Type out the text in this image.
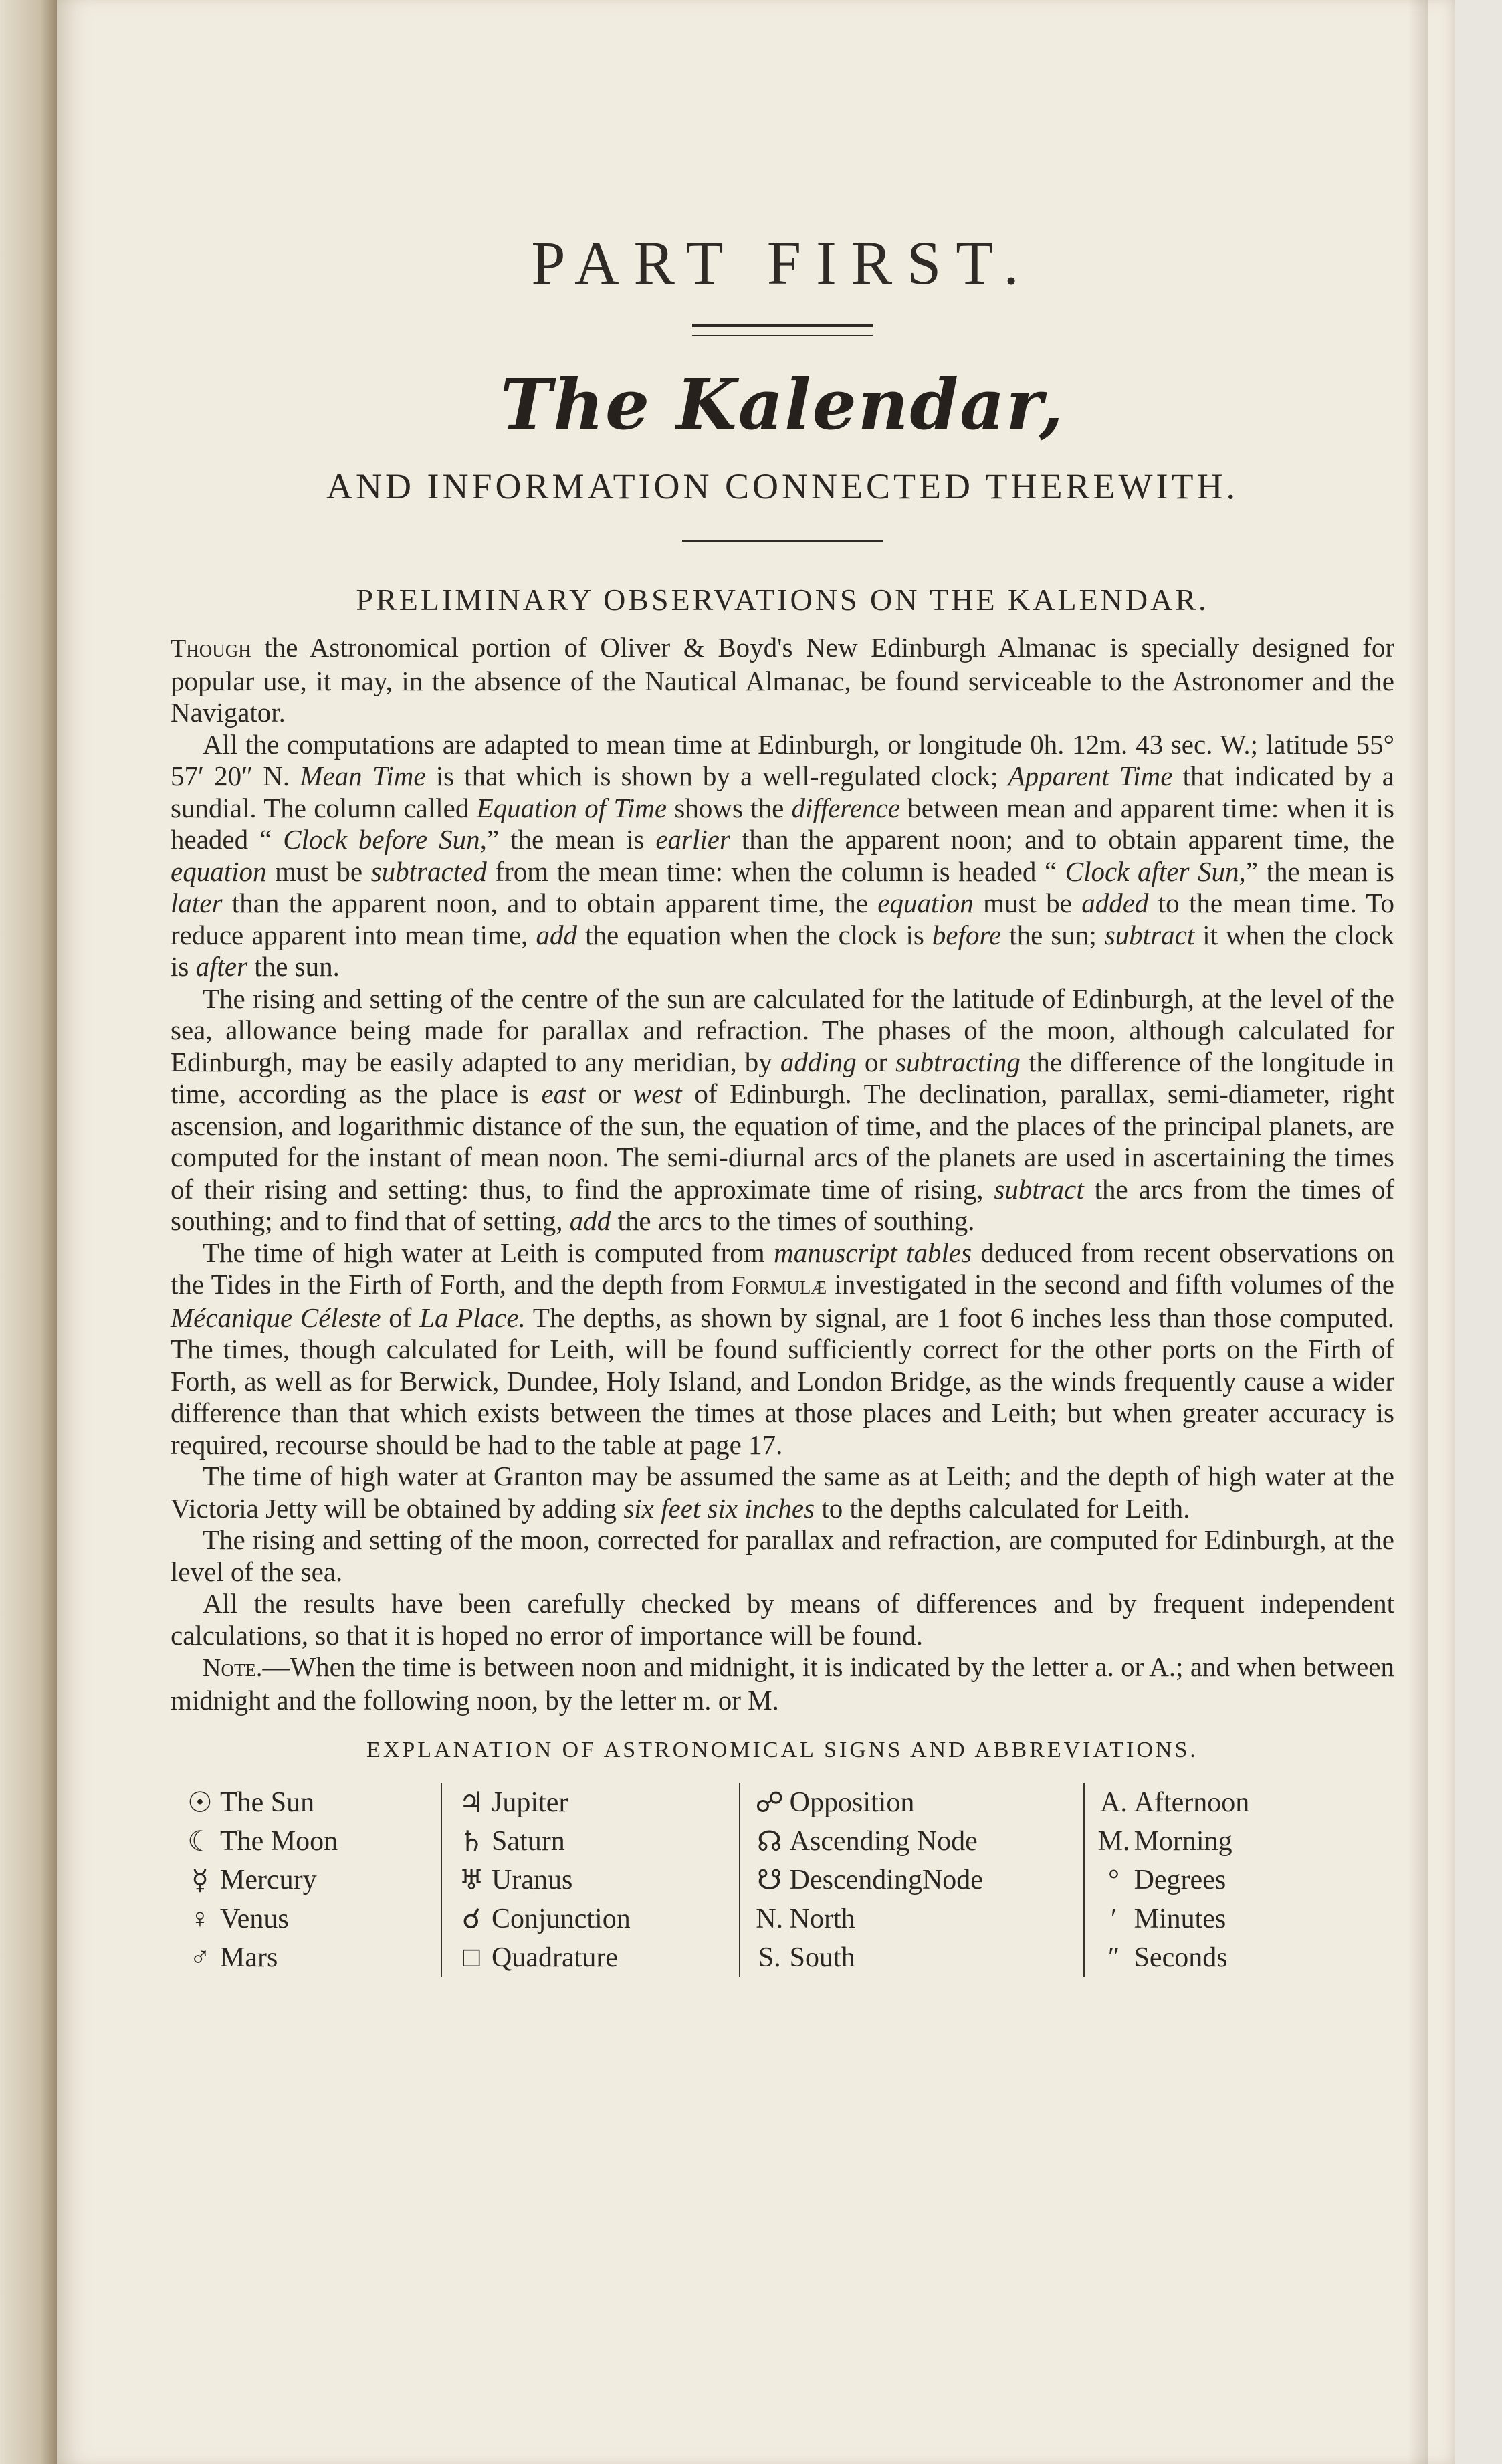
PART FIRST.
The Kalendar,
AND INFORMATION CONNECTED THEREWITH.
PRELIMINARY OBSERVATIONS ON THE KALENDAR.

Though the Astronomical portion of Oliver & Boyd's New Edinburgh Almanac is specially designed for popular use, it may, in the absence of the Nautical Almanac, be found serviceable to the Astronomer and the Navigator.

All the computations are adapted to mean time at Edinburgh, or longitude 0h. 12m. 43 sec. W.; latitude 55° 57′ 20″ N. Mean Time is that which is shown by a well-regulated clock; Apparent Time that indicated by a sundial. The column called Equation of Time shows the difference between mean and apparent time: when it is headed “ Clock before Sun,” the mean is earlier than the apparent noon; and to obtain apparent time, the equation must be subtracted from the mean time: when the column is headed “ Clock after Sun,” the mean is later than the apparent noon, and to obtain apparent time, the equation must be added to the mean time. To reduce apparent into mean time, add the equation when the clock is before the sun; subtract it when the clock is after the sun.

The rising and setting of the centre of the sun are calculated for the latitude of Edinburgh, at the level of the sea, allowance being made for parallax and refraction. The phases of the moon, although calculated for Edinburgh, may be easily adapted to any meridian, by adding or subtracting the difference of the longitude in time, according as the place is east or west of Edinburgh. The declination, parallax, semi-diameter, right ascension, and logarithmic distance of the sun, the equation of time, and the places of the principal planets, are computed for the instant of mean noon. The semi-diurnal arcs of the planets are used in ascertaining the times of their rising and setting: thus, to find the approximate time of rising, subtract the arcs from the times of southing; and to find that of setting, add the arcs to the times of southing.

The time of high water at Leith is computed from manuscript tables deduced from recent observations on the Tides in the Firth of Forth, and the depth from Formulæ investigated in the second and fifth volumes of the Mécanique Céleste of La Place. The depths, as shown by signal, are 1 foot 6 inches less than those computed. The times, though calculated for Leith, will be found sufficiently correct for the other ports on the Firth of Forth, as well as for Berwick, Dundee, Holy Island, and London Bridge, as the winds frequently cause a wider difference than that which exists between the times at those places and Leith; but when greater accuracy is required, recourse should be had to the table at page 17.

The time of high water at Granton may be assumed the same as at Leith; and the depth of high water at the Victoria Jetty will be obtained by adding six feet six inches to the depths calculated for Leith.

The rising and setting of the moon, corrected for parallax and refraction, are computed for Edinburgh, at the level of the sea.

All the results have been carefully checked by means of differences and by frequent independent calculations, so that it is hoped no error of importance will be found.

Note.—When the time is between noon and midnight, it is indicated by the letter a. or A.; and when between midnight and the following noon, by the letter m. or M.

EXPLANATION OF ASTRONOMICAL SIGNS AND ABBREVIATIONS.
☉ The Sun
☾ The Moon
☿ Mercury
♀ Venus
♂ Mars
♃ Jupiter
♄ Saturn
♅ Uranus
☌ Conjunction
□ Quadrature
☍ Opposition
☊ Ascending Node
☋ DescendingNode
N. North
S. South
A. Afternoon
M. Morning
° Degrees
′ Minutes
″ Seconds
